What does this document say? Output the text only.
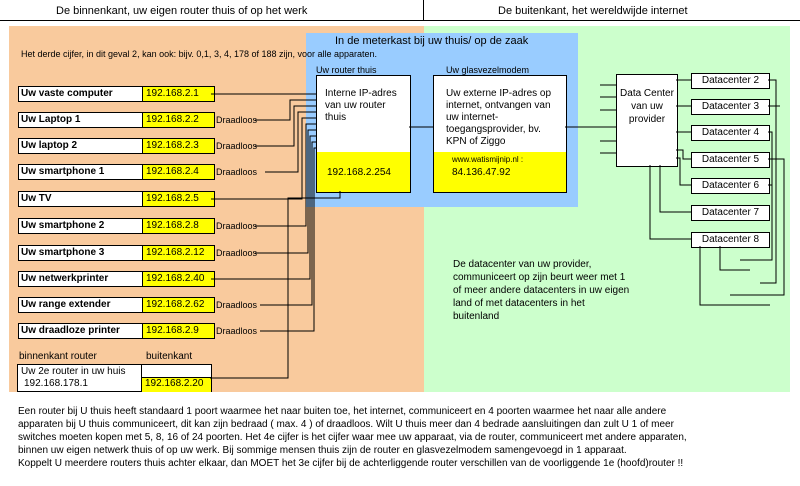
De binnenkant, uw eigen router thuis of op het werk	De buitenkant, het wereldwijde internet
Het derde cijfer, in dit geval 2, kan ook: bijv. 0,1, 3, 4, 178 of 188 zijn, voor alle apparaten.
In de meterkast bij uw thuis/ op de zaak
Uw router thuis
Interne IP-adres van uw router thuis
192.168.2.254
Uw glasvezelmodem
Uw externe IP-adres op internet, ontvangen van uw internet-toegangsprovider, bv. KPN of Ziggo
www.watismijnip.nl :
84.136.47.92
Uw vaste computer	192.168.2.1
Uw Laptop 1	192.168.2.2	Draadloos
Uw laptop 2	192.168.2.3	Draadloos
Uw smartphone 1	192.168.2.4	Draadloos
Uw TV	192.168.2.5
Uw smartphone 2	192.168.2.8	Draadloos
Uw smartphone 3	192.168.2.12	Draadloos
Uw netwerkprinter	192.168.2.40
Uw range extender	192.168.2.62	Draadloos
Uw draadloze printer	192.168.2.9	Draadloos
binnenkant router	buitenkant
Uw 2e router in uw huis
192.168.178.1	192.168.2.20
Data Center van uw provider
Datacenter 2
Datacenter 3
Datacenter 4
Datacenter 5
Datacenter 6
Datacenter 7
Datacenter 8
De datacenter van uw provider, communiceert op zijn beurt weer met 1 of meer andere datacenters in uw eigen land of met datacenters in het buitenland
Een router bij U thuis heeft standaard 1 poort waarmee het naar buiten toe, het internet, communiceert en 4 poorten waarmee het naar alle andere
apparaten bij U thuis communiceert, dit kan zijn bedraad ( max. 4 ) of draadloos. Wilt U thuis meer dan 4 bedrade aansluitingen dan zult U 1 of meer
switches moeten kopen met 5, 8, 16 of 24 poorten. Het 4e cijfer is het cijfer waar mee uw apparaat, via de router, communiceert met andere apparaten,
binnen uw eigen netwerk thuis of op uw werk. Bij sommige mensen thuis zijn de router en glasvezelmodem samengevoegd in 1 apparaat.
Koppelt U meerdere routers thuis achter elkaar, dan MOET het 3e cijfer bij de achterliggende router verschillen van de voorliggende 1e (hoofd)router !!
